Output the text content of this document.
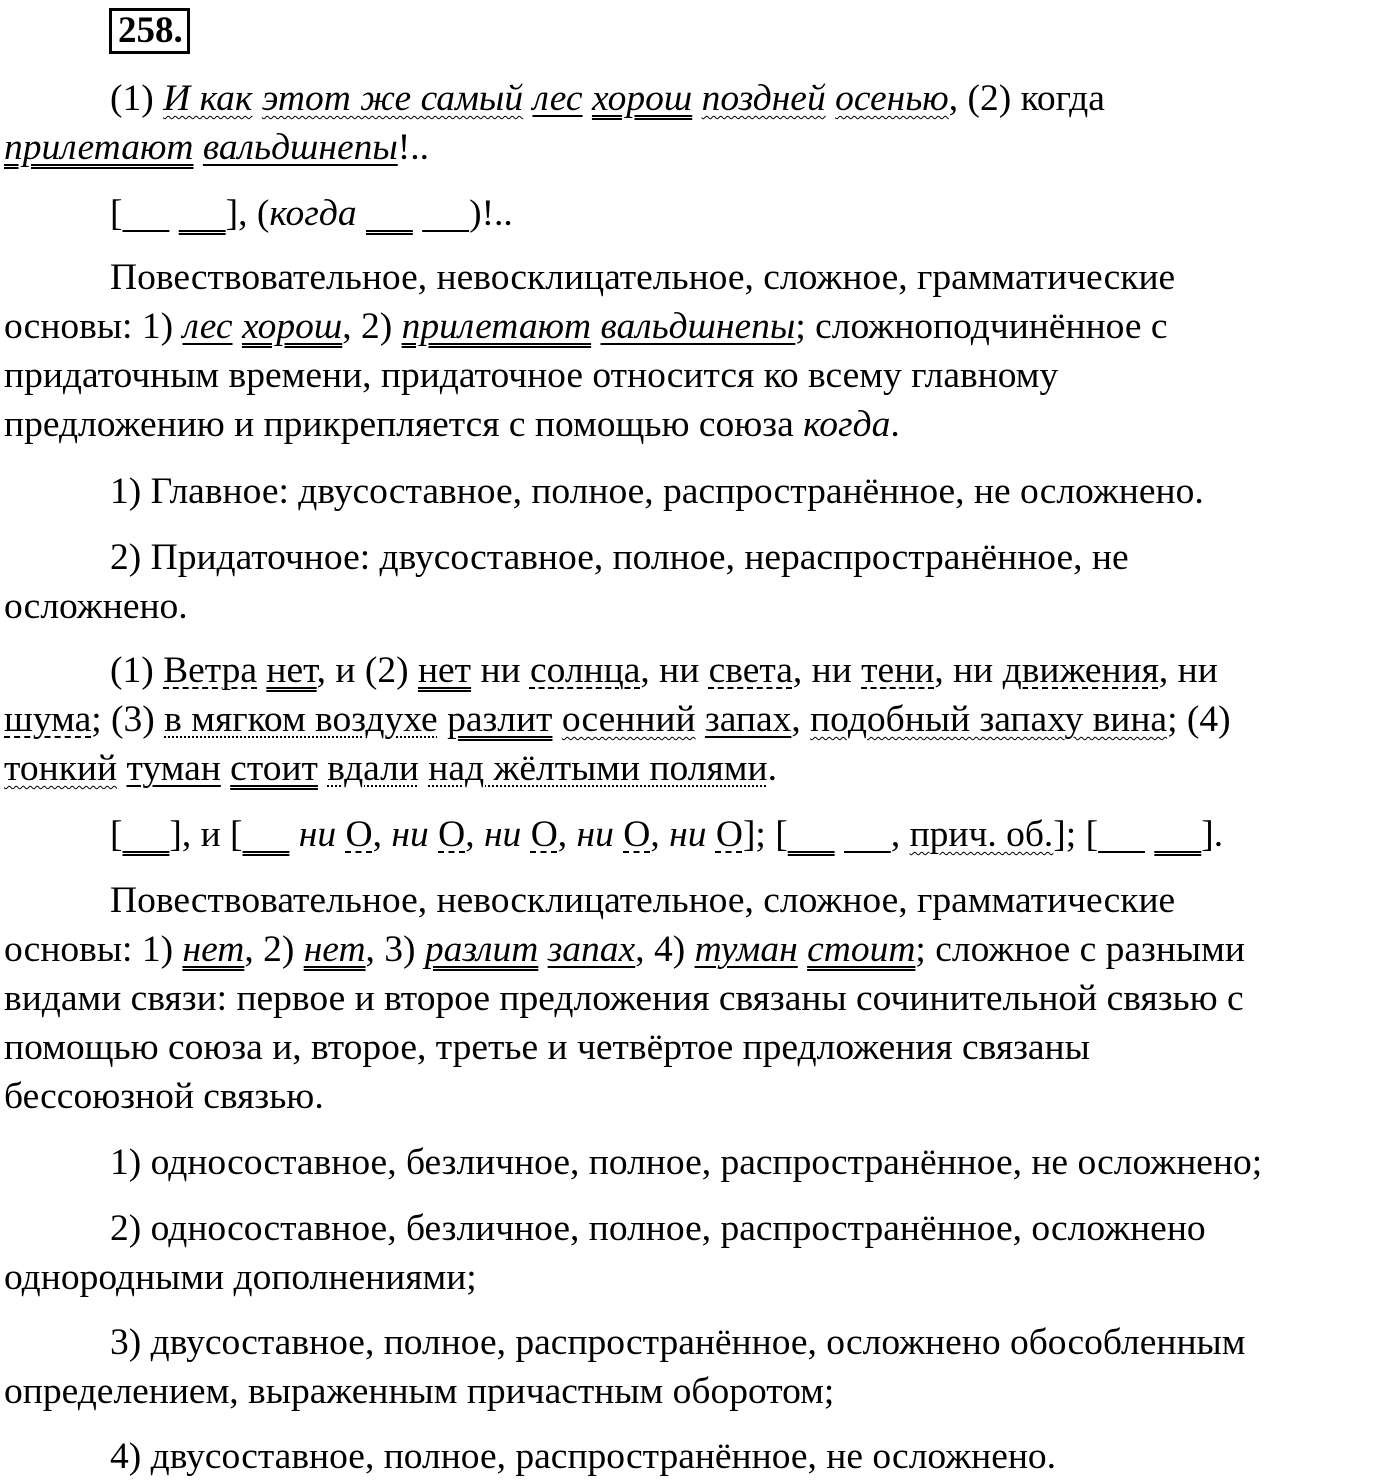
258.
(1) И как этот же самый лес хорош поздней осенью, (2) когда
прилетают вальдшнепы!..
[	], (когда	)!..
Повествовательное, невосклицательное, сложное, грамматические
основы: 1) лес хорош, 2) прилетают вальдшнепы; сложноподчинённое с
придаточным времени, придаточное относится ко всему главному
предложению и прикрепляется с помощью союза когда.
1) Главное: двусоставное, полное, распространённое, не осложнено.
2) Придаточное: двусоставное, полное, нераспространённое, не
осложнено.
(1) Ветра нет, и (2) нет ни солнца, ни света, ни тени, ни движения, ни
шума; (3) в мягком воздухе разлит осенний запах, подобный запаху вина; (4)
тонкий туман стоит вдали над жёлтыми полями.
[ ], и [ ни О, ни О, ни О, ни О, ни О]; [	, прич. об.]; [	].
Повествовательное, невосклицательное, сложное, грамматические
основы: 1) нет, 2) нет, 3) разлит запах, 4) туман стоит; сложное с разными
видами связи: первое и второе предложения связаны сочинительной связью с
помощью союза и, второе, третье и четвёртое предложения связаны
бессоюзной связью.
1) односоставное, безличное, полное, распространённое, не осложнено;
2) односоставное, безличное, полное, распространённое, осложнено
однородными дополнениями;
3) двусоставное, полное, распространённое, осложнено обособленным
определением, выраженным причастным оборотом;
4) двусоставное, полное, распространённое, не осложнено.
